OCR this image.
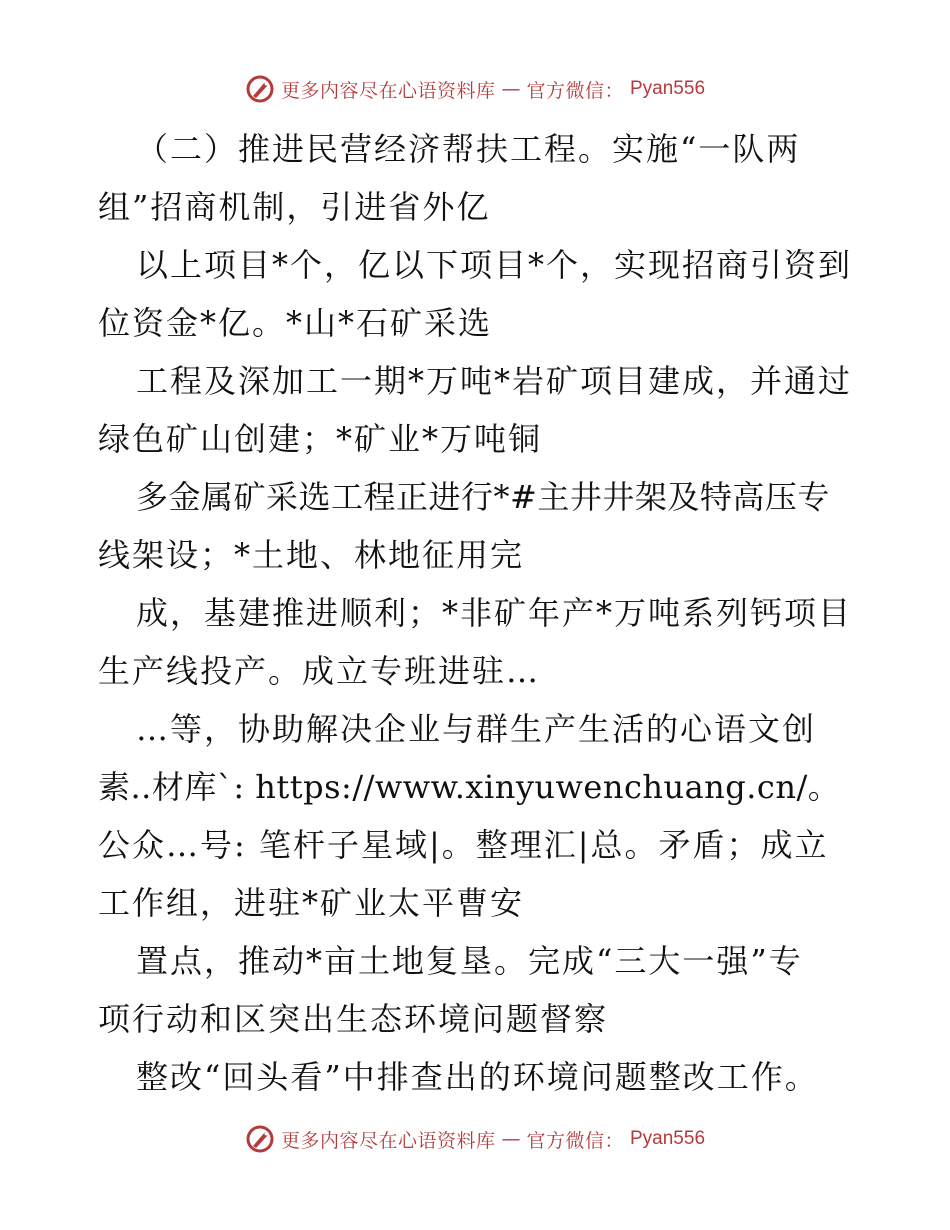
更多内容尽在心语资料库 — 官方微信： Pyan556
（二）推进民营经济帮扶工程。实施“一队两
组”招商机制，引进省外亿
以上项目*个，亿以下项目*个，实现招商引资到
位资金*亿。*山*石矿采选
工程及深加工一期*万吨*岩矿项目建成，并通过
绿色矿山创建；*矿业*万吨铜
多金属矿采选工程正进行*#主井井架及特高压专
线架设；*土地、林地征用完
成，基建推进顺利；*非矿年产*万吨系列钙项目
生产线投产。成立专班进驻…
…等，协助解决企业与群生产生活的心语文创
素..材库`: https://www.xinyuwenchuang.cn/。
公众…号: 笔杆子星域|。整理汇|总。矛盾；成立
工作组，进驻*矿业太平曹安
置点，推动*亩土地复垦。完成“三大一强”专
项行动和区突出生态环境问题督察
整改“回头看”中排查出的环境问题整改工作。
更多内容尽在心语资料库 — 官方微信： Pyan556
